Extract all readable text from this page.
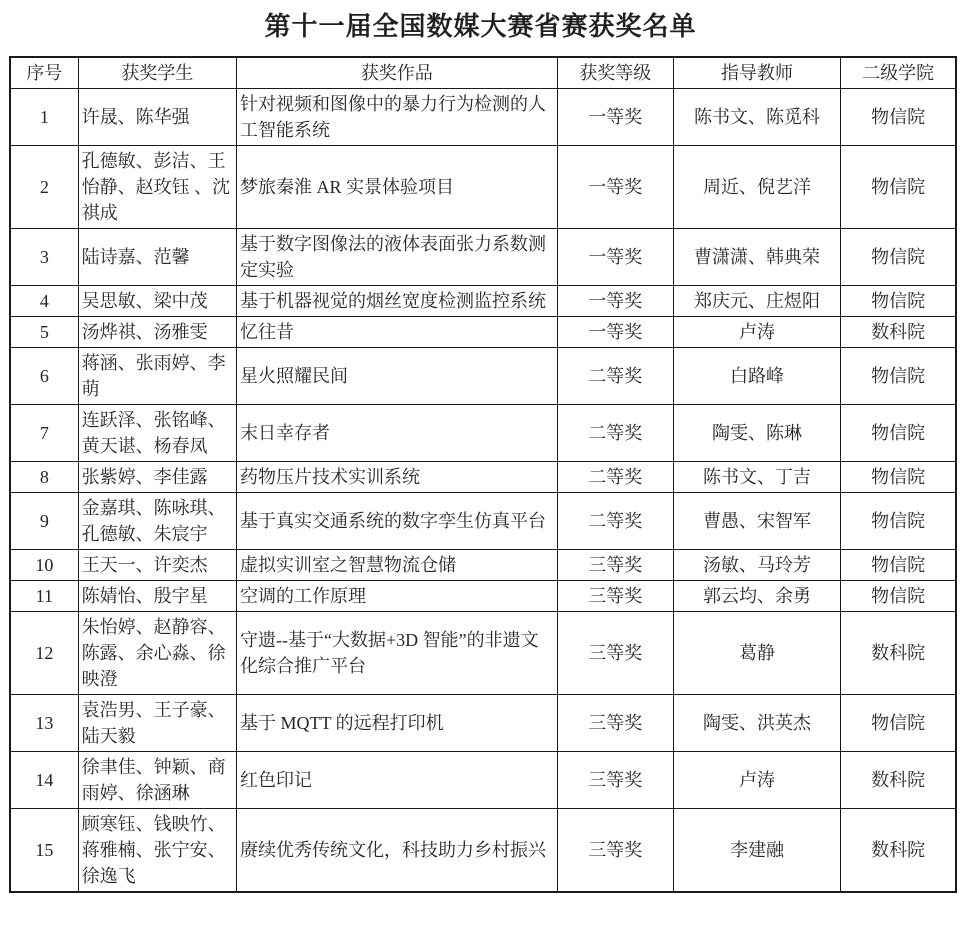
第十一届全国数媒大赛省赛获奖名单
序号	获奖学生	获奖作品	获奖等级	指导教师	二级学院
1	许晟、陈华强	针对视频和图像中的暴力行为检测的人工智能系统	一等奖	陈书文、陈觅科	物信院
2	孔德敏、彭洁、王怡静、赵玫钰 、沈祺成	梦旅秦淮 AR 实景体验项目	一等奖	周近、倪艺洋	物信院
3	陆诗嘉、范馨	基于数字图像法的液体表面张力系数测定实验	一等奖	曹潇潇、韩典荣	物信院
4	吴思敏、梁中茂	基于机器视觉的烟丝宽度检测监控系统	一等奖	郑庆元、庄煜阳	物信院
5	汤烨祺、汤雅雯	忆往昔	一等奖	卢涛	数科院
6	蒋涵、张雨婷、李萌	星火照耀民间	二等奖	白路峰	物信院
7	连跃泽、张铭峰、黄天谌、杨春凤	末日幸存者	二等奖	陶雯、陈琳	物信院
8	张紫婷、李佳露	药物压片技术实训系统	二等奖	陈书文、丁吉	物信院
9	金嘉琪、陈咏琪、孔德敏、朱宸宇	基于真实交通系统的数字孪生仿真平台	二等奖	曹愚、宋智军	物信院
10	王天一、许奕杰	虚拟实训室之智慧物流仓储	三等奖	汤敏、马玲芳	物信院
11	陈婧怡、殷宇星	空调的工作原理	三等奖	郭云均、余勇	物信院
12	朱怡婷、赵静容、陈露、余心淼、徐映澄	守遗--基于“大数据+3D 智能”的非遗文化综合推广平台	三等奖	葛静	数科院
13	袁浩男、王子豪、陆天毅	基于 MQTT 的远程打印机	三等奖	陶雯、洪英杰	物信院
14	徐聿佳、钟颖、商雨婷、徐涵琳	红色印记	三等奖	卢涛	数科院
15	顾寒钰、钱映竹、蒋雅楠、张宁安、徐逸飞	赓续优秀传统文化，科技助力乡村振兴	三等奖	李建融	数科院
